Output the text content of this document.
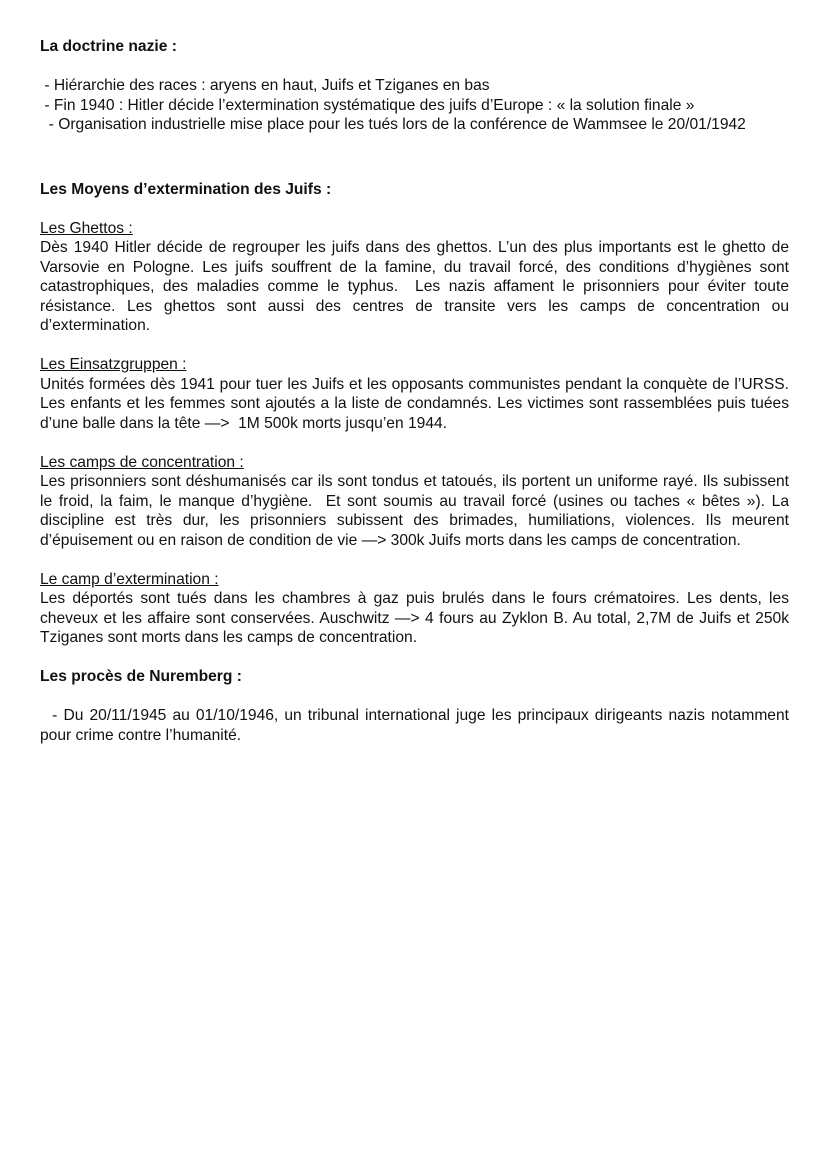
La doctrine nazie :

- Hiérarchie des races : aryens en haut, Juifs et Tziganes en bas

- Fin 1940 : Hitler décide l’extermination systématique des juifs d’Europe : « la solution finale »

- Organisation industrielle mise place pour les tués lors de la conférence de Wammsee le 20/01/1942

Les Moyens d’extermination des Juifs :

Les Ghettos :

Dès 1940 Hitler décide de regrouper les juifs dans des ghettos. L’un des plus importants est le ghetto de Varsovie en Pologne. Les juifs souffrent de la famine, du travail forcé, des conditions d’hygiènes sont catastrophiques, des maladies comme le typhus.  Les nazis affament le prisonniers pour éviter toute résistance. Les ghettos sont aussi des centres de transite vers les camps de concentration ou d’extermination.

Les Einsatzgruppen :

Unités formées dès 1941 pour tuer les Juifs et les opposants communistes pendant la conquète de l’URSS. Les enfants et les femmes sont ajoutés a la liste de condamnés. Les victimes sont rassemblées puis tuées d’une balle dans la tête —>  1M 500k morts jusqu’en 1944.

Les camps de concentration :

Les prisonniers sont déshumanisés car ils sont tondus et tatoués, ils portent un uniforme rayé. Ils subissent le froid, la faim, le manque d’hygiène.  Et sont soumis au travail forcé (usines ou taches « bêtes »). La discipline est très dur, les prisonniers subissent des brimades, humiliations, violences. Ils meurent d’épuisement ou en raison de condition de vie —> 300k Juifs morts dans les camps de concentration.

Le camp d’extermination :

Les déportés sont tués dans les chambres à gaz puis brulés dans le fours crématoires. Les dents, les cheveux et les affaire sont conservées. Auschwitz —> 4 fours au Zyklon B. Au total, 2,7M de Juifs et 250k Tziganes sont morts dans les camps de concentration.

Les procès de Nuremberg :

- Du 20/11/1945 au 01/10/1946, un tribunal international juge les principaux dirigeants nazis notamment pour crime contre l’humanité.
